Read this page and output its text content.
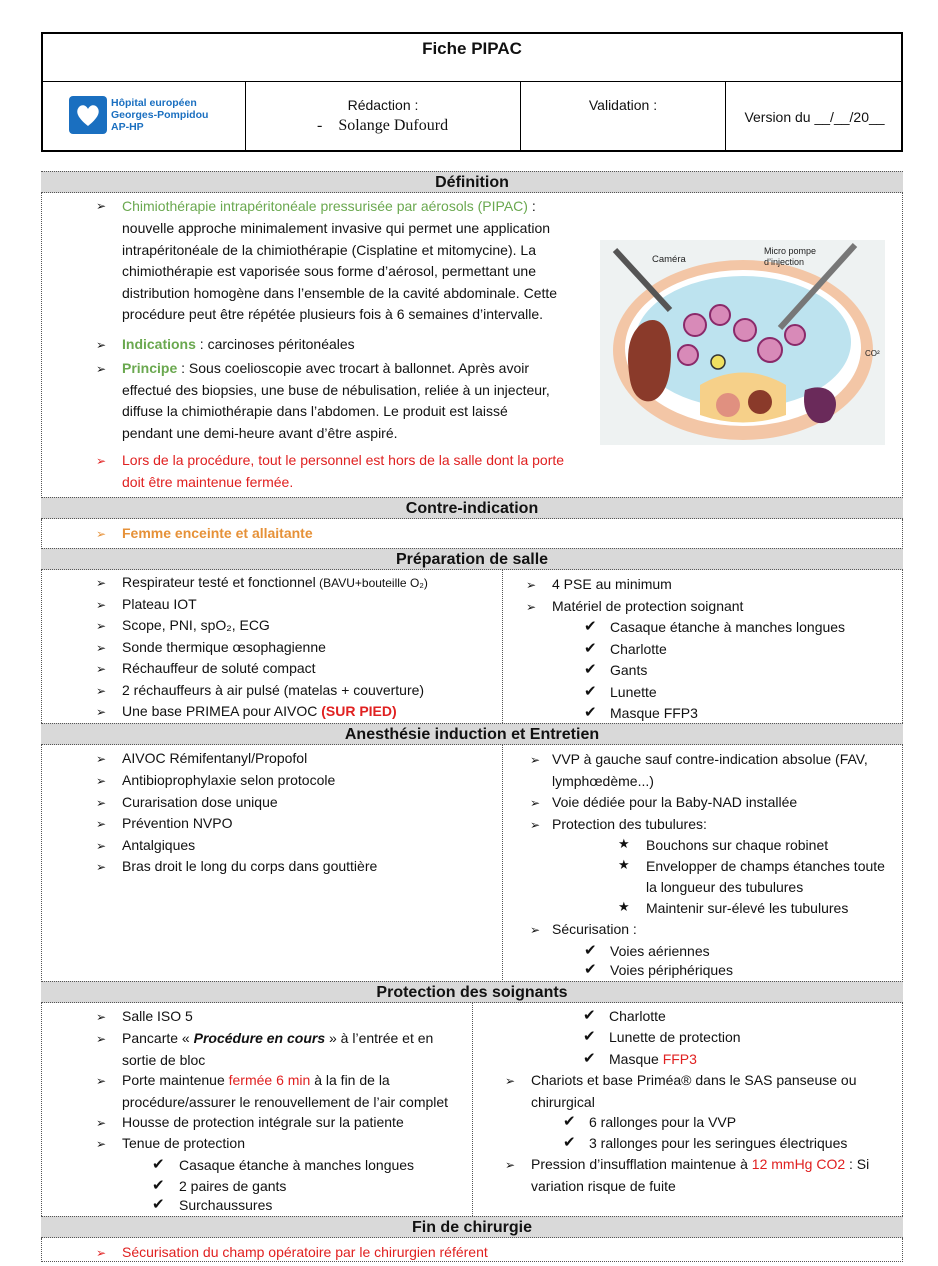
Fiche PIPAC
Hôpital européen
Georges-Pompidou
AP-HP
Rédaction :
-    Solange Dufourd
Validation :
Version du __/__/20__
Définition
➢ Chimiothérapie intrapéritonéale pressurisée par aérosols (PIPAC) :
nouvelle approche minimalement invasive qui permet une application
intrapéritonéale de la chimiothérapie (Cisplatine et mitomycine). La
chimiothérapie est vaporisée sous forme d’aérosol, permettant une
distribution homogène dans l’ensemble de la cavité abdominale. Cette
procédure peut être répétée plusieurs fois à 6 semaines d’intervalle.
➢ Indications : carcinoses péritonéales
➢ Principe : Sous coelioscopie avec trocart à ballonnet. Après avoir
effectué des biopsies, une buse de nébulisation, reliée à un injecteur,
diffuse la chimiothérapie dans l’abdomen. Le produit est laissé
pendant une demi-heure avant d’être aspiré.
➢ Lors de la procédure, tout le personnel est hors de la salle dont la porte
doit être maintenue fermée.
Caméra
Micro pompe
d’injection
CO²
Contre-indication
➢ Femme enceinte et allaitante
Préparation de salle
➢ Respirateur testé et fonctionnel (BAVU+bouteille O₂)
➢ Plateau IOT
➢ Scope, PNI, spO₂, ECG
➢ Sonde thermique œsophagienne
➢ Réchauffeur de soluté compact
➢ 2 réchauffeurs à air pulsé (matelas + couverture)
➢ Une base PRIMEA pour AIVOC (SUR PIED)
➢ 4 PSE au minimum
➢ Matériel de protection soignant
✔ Casaque étanche à manches longues
✔ Charlotte
✔ Gants
✔ Lunette
✔ Masque FFP3
Anesthésie induction et Entretien
➢ AIVOC Rémifentanyl/Propofol
➢ Antibioprophylaxie selon protocole
➢ Curarisation dose unique
➢ Prévention NVPO
➢ Antalgiques
➢ Bras droit le long du corps dans gouttière
➢ VVP à gauche sauf contre-indication absolue (FAV,
lymphœdème...)
➢ Voie dédiée pour la Baby-NAD installée
➢ Protection des tubulures:
★ Bouchons sur chaque robinet
★ Envelopper de champs étanches toute
la longueur des tubulures
★ Maintenir sur-élevé les tubulures
➢ Sécurisation :
✔ Voies aériennes
✔ Voies périphériques
Protection des soignants
➢ Salle ISO 5
➢ Pancarte « Procédure en cours » à l’entrée et en
sortie de bloc
➢ Porte maintenue fermée 6 min à la fin de la
procédure/assurer le renouvellement de l’air complet
➢ Housse de protection intégrale sur la patiente
➢ Tenue de protection
✔ Casaque étanche à manches longues
✔ 2 paires de gants
✔ Surchaussures
✔ Charlotte
✔ Lunette de protection
✔ Masque FFP3
➢ Chariots et base Priméa® dans le SAS panseuse ou
chirurgical
✔ 6 rallonges pour la VVP
✔ 3 rallonges pour les seringues électriques
➢ Pression d’insufflation maintenue à 12 mmHg CO2 : Si
variation risque de fuite
Fin de chirurgie
➢ Sécurisation du champ opératoire par le chirurgien référent
